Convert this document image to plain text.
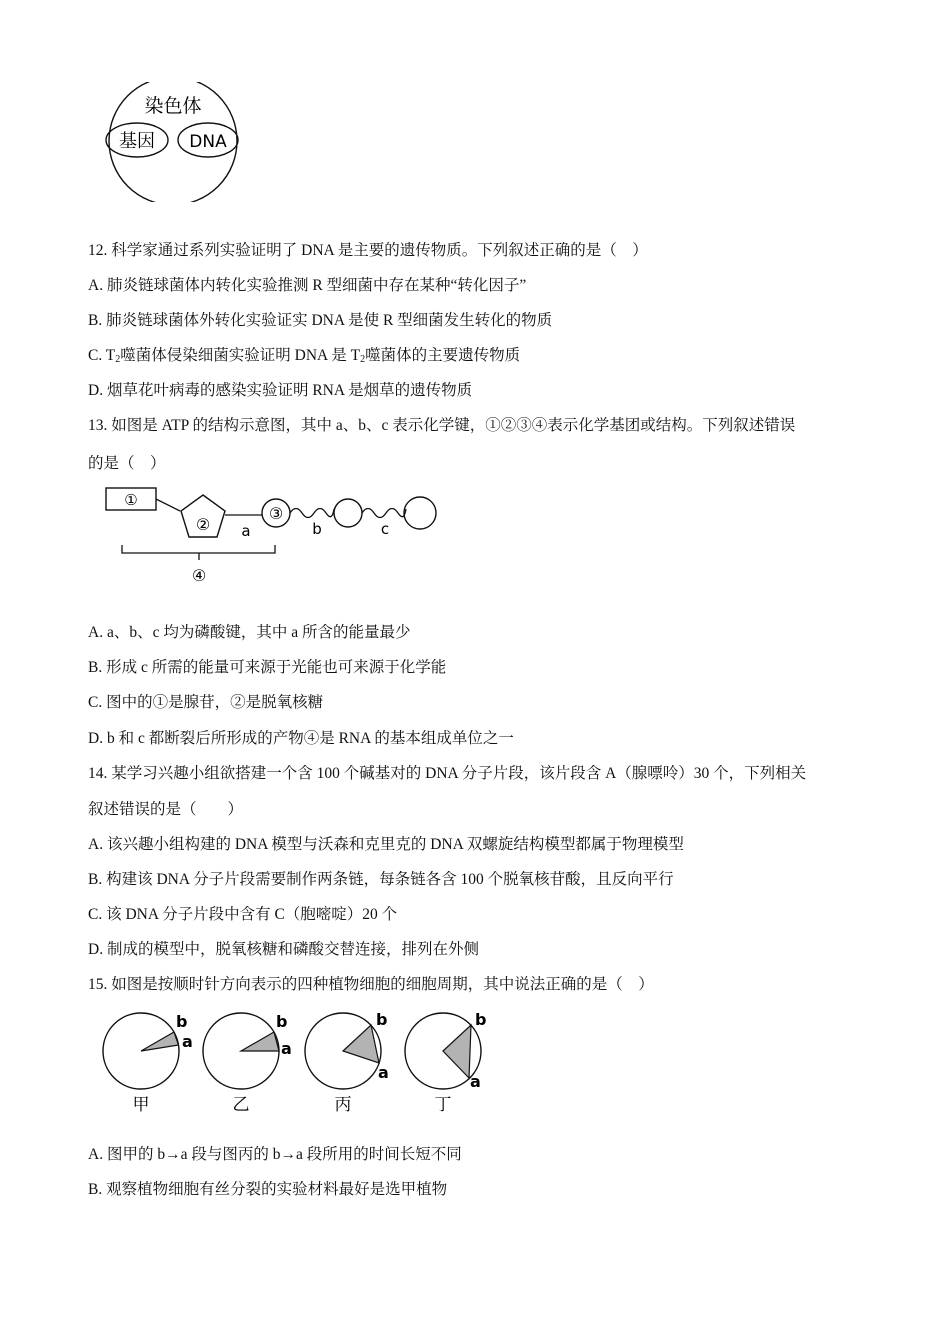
染色体
基因 DNA
12. 科学家通过系列实验证明了 DNA 是主要的遗传物质。下列叙述正确的是（　）
A. 肺炎链球菌体内转化实验推测 R 型细菌中存在某种“转化因子”
B. 肺炎链球菌体外转化实验证实 DNA 是使 R 型细菌发生转化的物质
C. $T_2$噬菌体侵染细菌实验证明 DNA 是 $T_2$噬菌体的主要遗传物质
D. 烟草花叶病毒的感染实验证明 RNA 是烟草的遗传物质
13. 如图是 ATP 的结构示意图，其中 a、b、c 表示化学键，①②③④表示化学基团或结构。下列叙述错误
的是（　）
①
② a
③
b	c
④
A. a、b、c 均为磷酸键，其中 a 所含的能量最少
B. 形成 c 所需的能量可来源于光能也可来源于化学能
C. 图中的①是腺苷，②是脱氧核糖
D. b 和 c 都断裂后所形成的产物④是 RNA 的基本组成单位之一
14. 某学习兴趣小组欲搭建一个含 100 个碱基对的 DNA 分子片段，该片段含 A（腺嘌呤）30 个，下列相关
叙述错误的是（　　）
A. 该兴趣小组构建的 DNA 模型与沃森和克里克的 DNA 双螺旋结构模型都属于物理模型
B. 构建该 DNA 分子片段需要制作两条链，每条链各含 100 个脱氧核苷酸，且反向平行
C. 该 DNA 分子片段中含有 C（胞嘧啶）20 个
D. 制成的模型中，脱氧核糖和磷酸交替连接，排列在外侧
15. 如图是按顺时针方向表示的四种植物细胞的细胞周期，其中说法正确的是（　）
b
a
甲
b
a
乙
b
a
丙
b
a
丁
A. 图甲的 b→a 段与图丙的 b→a 段所用的时间长短不同
B. 观察植物细胞有丝分裂的实验材料最好是选甲植物
